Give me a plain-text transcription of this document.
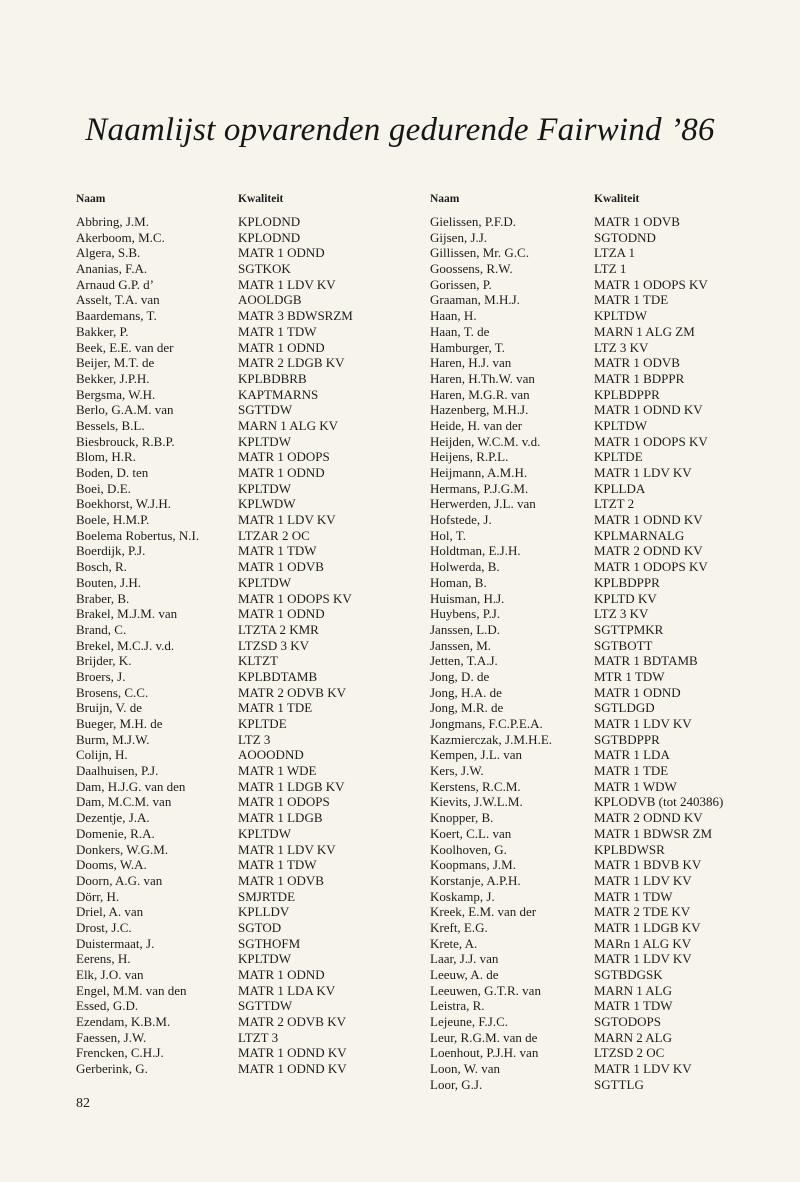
Naamlijst opvarenden gedurende Fairwind ’86
Naam
Abbring, J.M.
Akerboom, M.C.
Algera, S.B.
Ananias, F.A.
Arnaud G.P. d’
Asselt, T.A. van
Baardemans, T.
Bakker, P.
Beek, E.E. van der
Beijer, M.T. de
Bekker, J.P.H.
Bergsma, W.H.
Berlo, G.A.M. van
Bessels, B.L.
Biesbrouck, R.B.P.
Blom, H.R.
Boden, D. ten
Boei, D.E.
Boekhorst, W.J.H.
Boele, H.M.P.
Boelema Robertus, N.I.
Boerdijk, P.J.
Bosch, R.
Bouten, J.H.
Braber, B.
Brakel, M.J.M. van
Brand, C.
Brekel, M.C.J. v.d.
Brijder, K.
Broers, J.
Brosens, C.C.
Bruijn, V. de
Bueger, M.H. de
Burm, M.J.W.
Colijn, H.
Daalhuisen, P.J.
Dam, H.J.G. van den
Dam, M.C.M. van
Dezentje, J.A.
Domenie, R.A.
Donkers, W.G.M.
Dooms, W.A.
Doorn, A.G. van
Dörr, H.
Driel, A. van
Drost, J.C.
Duistermaat, J.
Eerens, H.
Elk, J.O. van
Engel, M.M. van den
Essed, G.D.
Ezendam, K.B.M.
Faessen, J.W.
Frencken, C.H.J.
Gerberink, G.
Kwaliteit
KPLODND
KPLODND
MATR 1 ODND
SGTKOK
MATR 1 LDV KV
AOOLDGB
MATR 3 BDWSRZM
MATR 1 TDW
MATR 1 ODND
MATR 2 LDGB KV
KPLBDBRB
KAPTMARNS
SGTTDW
MARN 1 ALG KV
KPLTDW
MATR 1 ODOPS
MATR 1 ODND
KPLTDW
KPLWDW
MATR 1 LDV KV
LTZAR 2 OC
MATR 1 TDW
MATR 1 ODVB
KPLTDW
MATR 1 ODOPS KV
MATR 1 ODND
LTZTA 2 KMR
LTZSD 3 KV
KLTZT
KPLBDTAMB
MATR 2 ODVB KV
MATR 1 TDE
KPLTDE
LTZ 3
AOOODND
MATR 1 WDE
MATR 1 LDGB KV
MATR 1 ODOPS
MATR 1 LDGB
KPLTDW
MATR 1 LDV KV
MATR 1 TDW
MATR 1 ODVB
SMJRTDE
KPLLDV
SGTOD
SGTHOFM
KPLTDW
MATR 1 ODND
MATR 1 LDA KV
SGTTDW
MATR 2 ODVB KV
LTZT 3
MATR 1 ODND KV
MATR 1 ODND KV
Naam
Gielissen, P.F.D.
Gijsen, J.J.
Gillissen, Mr. G.C.
Goossens, R.W.
Gorissen, P.
Graaman, M.H.J.
Haan, H.
Haan, T. de
Hamburger, T.
Haren, H.J. van
Haren, H.Th.W. van
Haren, M.G.R. van
Hazenberg, M.H.J.
Heide, H. van der
Heijden, W.C.M. v.d.
Heijens, R.P.L.
Heijmann, A.M.H.
Hermans, P.J.G.M.
Herwerden, J.L. van
Hofstede, J.
Hol, T.
Holdtman, E.J.H.
Holwerda, B.
Homan, B.
Huisman, H.J.
Huybens, P.J.
Janssen, L.D.
Janssen, M.
Jetten, T.A.J.
Jong, D. de
Jong, H.A. de
Jong, M.R. de
Jongmans, F.C.P.E.A.
Kazmierczak, J.M.H.E.
Kempen, J.L. van
Kers, J.W.
Kerstens, R.C.M.
Kievits, J.W.L.M.
Knopper, B.
Koert, C.L. van
Koolhoven, G.
Koopmans, J.M.
Korstanje, A.P.H.
Koskamp, J.
Kreek, E.M. van der
Kreft, E.G.
Krete, A.
Laar, J.J. van
Leeuw, A. de
Leeuwen, G.T.R. van
Leistra, R.
Lejeune, F.J.C.
Leur, R.G.M. van de
Loenhout, P.J.H. van
Loon, W. van
Loor, G.J.
Kwaliteit
MATR 1 ODVB
SGTODND
LTZA 1
LTZ 1
MATR 1 ODOPS KV
MATR 1 TDE
KPLTDW
MARN 1 ALG ZM
LTZ 3 KV
MATR 1 ODVB
MATR 1 BDPPR
KPLBDPPR
MATR 1 ODND KV
KPLTDW
MATR 1 ODOPS KV
KPLTDE
MATR 1 LDV KV
KPLLDA
LTZT 2
MATR 1 ODND KV
KPLMARNALG
MATR 2 ODND KV
MATR 1 ODOPS KV
KPLBDPPR
KPLTD KV
LTZ 3 KV
SGTTPMKR
SGTBOTT
MATR 1 BDTAMB
MTR 1 TDW
MATR 1 ODND
SGTLDGD
MATR 1 LDV KV
SGTBDPPR
MATR 1 LDA
MATR 1 TDE
MATR 1 WDW
KPLODVB (tot 240386)
MATR 2 ODND KV
MATR 1 BDWSR ZM
KPLBDWSR
MATR 1 BDVB KV
MATR 1 LDV KV
MATR 1 TDW
MATR 2 TDE KV
MATR 1 LDGB KV
MARn 1 ALG KV
MATR 1 LDV KV
SGTBDGSK
MARN 1 ALG
MATR 1 TDW
SGTODOPS
MARN 2 ALG
LTZSD 2 OC
MATR 1 LDV KV
SGTTLG
82
